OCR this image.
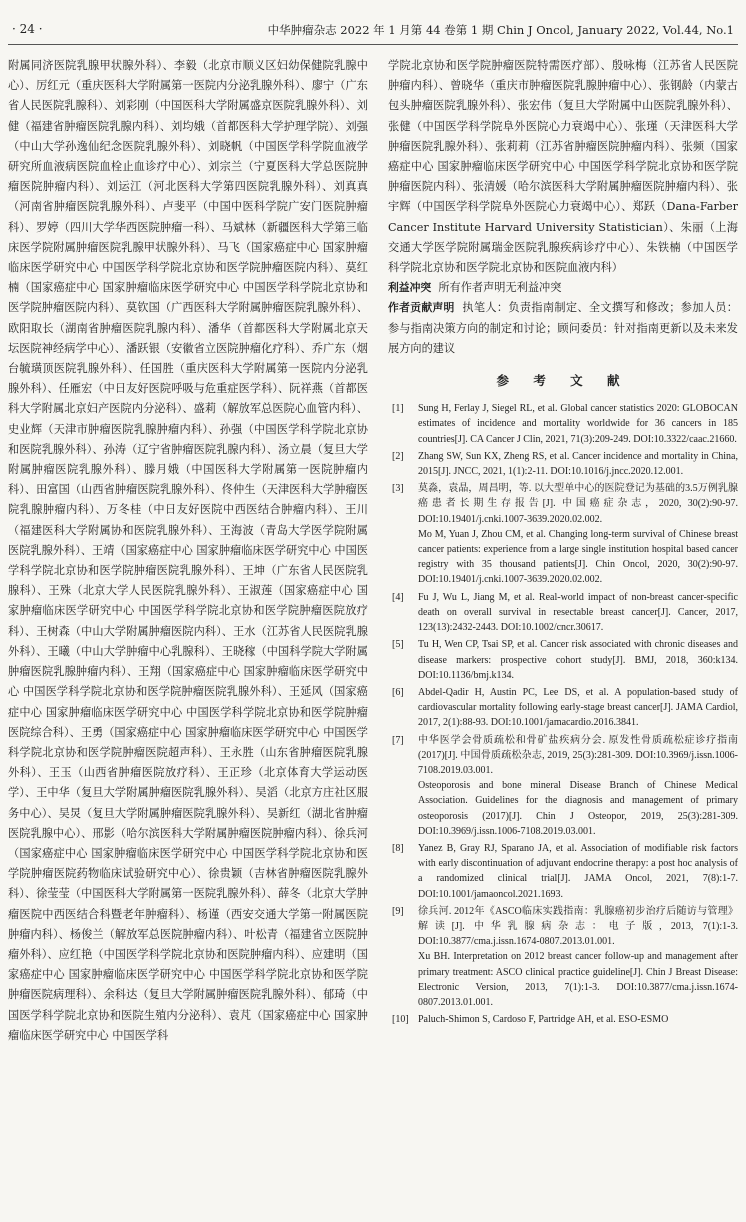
· 24 ·	中华肿瘤杂志 2022 年 1 月第 44 卷第 1 期 Chin J Oncol, January 2022, Vol.44, No.1

附属同济医院乳腺甲状腺外科）、李毅（北京市顺义区妇幼保健院乳腺中心）、厉红元（重庆医科大学附属第一医院内分泌乳腺外科）、廖宁（广东省人民医院乳腺科）、刘彩刚（中国医科大学附属盛京医院乳腺外科）、刘健（福建省肿瘤医院乳腺内科）、刘均娥（首都医科大学护理学院）、刘强（中山大学孙逸仙纪念医院乳腺外科）、刘晓帆（中国医学科学院血液学研究所血液病医院血栓止血诊疗中心）、刘宗兰（宁夏医科大学总医院肿瘤医院肿瘤内科）、刘运江（河北医科大学第四医院乳腺外科）、刘真真（河南省肿瘤医院乳腺外科）、卢斐平（中国中医科学院广安门医院肿瘤科）、罗婷（四川大学华西医院肿瘤一科）、马斌林（新疆医科大学第三临床医学院附属肿瘤医院乳腺甲状腺外科）、马飞（国家癌症中心 国家肿瘤临床医学研究中心 中国医学科学院北京协和医学院肿瘤医院内科）、莫红楠（国家癌症中心 国家肿瘤临床医学研究中心 中国医学科学院北京协和医学院肿瘤医院内科）、莫钦国（广西医科大学附属肿瘤医院乳腺外科）、欧阳取长（湖南省肿瘤医院乳腺内科）、潘华（首都医科大学附属北京天坛医院神经病学中心）、潘跃银（安徽省立医院肿瘤化疗科）、乔广东（烟台毓璜顶医院乳腺外科）、任国胜（重庆医科大学附属第一医院内分泌乳腺外科）、任雁宏（中日友好医院呼吸与危重症医学科）、阮祥燕（首都医科大学附属北京妇产医院内分泌科）、盛莉（解放军总医院心血管内科）、史业辉（天津市肿瘤医院乳腺肿瘤内科）、孙强（中国医学科学院北京协和医院乳腺外科）、孙涛（辽宁省肿瘤医院乳腺内科）、汤立晨（复旦大学附属肿瘤医院乳腺外科）、滕月娥（中国医科大学附属第一医院肿瘤内科）、田富国（山西省肿瘤医院乳腺外科）、佟仲生（天津医科大学肿瘤医院乳腺肿瘤内科）、万冬桂（中日友好医院中西医结合肿瘤内科）、王川（福建医科大学附属协和医院乳腺外科）、王海波（青岛大学医学院附属医院乳腺外科）、王靖（国家癌症中心 国家肿瘤临床医学研究中心 中国医学科学院北京协和医学院肿瘤医院乳腺外科）、王坤（广东省人民医院乳腺科）、王殊（北京大学人民医院乳腺外科）、王淑莲（国家癌症中心 国家肿瘤临床医学研究中心 中国医学科学院北京协和医学院肿瘤医院放疗科）、王树森（中山大学附属肿瘤医院内科）、王水（江苏省人民医院乳腺外科）、王曦（中山大学肿瘤中心乳腺科）、王晓稼（中国科学院大学附属肿瘤医院乳腺肿瘤内科）、王翔（国家癌症中心 国家肿瘤临床医学研究中心 中国医学科学院北京协和医学院肿瘤医院乳腺外科）、王延风（国家癌症中心 国家肿瘤临床医学研究中心 中国医学科学院北京协和医学院肿瘤医院综合科）、王勇（国家癌症中心 国家肿瘤临床医学研究中心 中国医学科学院北京协和医学院肿瘤医院超声科）、王永胜（山东省肿瘤医院乳腺外科）、王玉（山西省肿瘤医院放疗科）、王正珍（北京体育大学运动医学）、王中华（复旦大学附属肿瘤医院乳腺外科）、吴滔（北京方庄社区服务中心）、吴炅（复旦大学附属肿瘤医院乳腺外科）、吴新红（湖北省肿瘤医院乳腺中心）、邢影（哈尔滨医科大学附属肿瘤医院肿瘤内科）、徐兵河（国家癌症中心 国家肿瘤临床医学研究中心 中国医学科学院北京协和医学院肿瘤医院药物临床试验研究中心）、徐贵颖（吉林省肿瘤医院乳腺外科）、徐莹莹（中国医科大学附属第一医院乳腺外科）、薛冬（北京大学肿瘤医院中西医结合科暨老年肿瘤科）、杨谨（西安交通大学第一附属医院肿瘤内科）、杨俊兰（解放军总医院肿瘤内科）、叶松青（福建省立医院肿瘤外科）、应红艳（中国医学科学院北京协和医院肿瘤内科）、应建明（国家癌症中心 国家肿瘤临床医学研究中心 中国医学科学院北京协和医学院肿瘤医院病理科）、余科达（复旦大学附属肿瘤医院乳腺外科）、郁琦（中国医学科学院北京协和医院生殖内分泌科）、袁芃（国家癌症中心 国家肿瘤临床医学研究中心 中国医学科

学院北京协和医学院肿瘤医院特需医疗部）、殷咏梅（江苏省人民医院肿瘤内科）、曾晓华（重庆市肿瘤医院乳腺肿瘤中心）、张钢龄（内蒙古包头肿瘤医院乳腺外科）、张宏伟（复旦大学附属中山医院乳腺外科）、张健（中国医学科学院阜外医院心力衰竭中心）、张瑾（天津医科大学肿瘤医院乳腺外科）、张莉莉（江苏省肿瘤医院肿瘤内科）、张频（国家癌症中心 国家肿瘤临床医学研究中心 中国医学科学院北京协和医学院肿瘤医院内科）、张清媛（哈尔滨医科大学附属肿瘤医院肿瘤内科）、张宇辉（中国医学科学院阜外医院心力衰竭中心）、郑跃（Dana-Farber Cancer Institute Harvard University Statistician）、朱丽（上海交通大学医学院附属瑞金医院乳腺疾病诊疗中心）、朱铁楠（中国医学科学院北京协和医学院北京协和医院血液内科）

利益冲突 所有作者声明无利益冲突

作者贡献声明 执笔人：负责指南制定、全文撰写和修改；参加人员：参与指南决策方向的制定和讨论；顾问委员：针对指南更新以及未来发展方向的建议

参 考 文 献
[1] Sung H, Ferlay J, Siegel RL, et al. Global cancer statistics 2020: GLOBOCAN estimates of incidence and mortality worldwide for 36 cancers in 185 countries[J]. CA Cancer J Clin, 2021, 71(3):209-249. DOI:10.3322/caac.21660.
[2] Zhang SW, Sun KX, Zheng RS, et al. Cancer incidence and mortality in China, 2015[J]. JNCC, 2021, 1(1):2-11. DOI:10.1016/j.jncc.2020.12.001.
[3] 莫淼，袁晶，周昌明，等. 以大型单中心的医院登记为基础的3.5万例乳腺癌患者长期生存报告[J]. 中国癌症杂志，2020, 30(2):90-97. DOI:10.19401/j.cnki.1007-3639.2020.02.002.
Mo M, Yuan J, Zhou CM, et al. Changing long-term survival of Chinese breast cancer patients: experience from a large single institution hospital based cancer registry with 35 thousand patients[J]. Chin Oncol, 2020, 30(2):90-97. DOI:10.19401/j.cnki.1007-3639.2020.02.002.
[4] Fu J, Wu L, Jiang M, et al. Real-world impact of non-breast cancer-specific death on overall survival in resectable breast cancer[J]. Cancer, 2017, 123(13):2432-2443. DOI:10.1002/cncr.30617.
[5] Tu H, Wen CP, Tsai SP, et al. Cancer risk associated with chronic diseases and disease markers: prospective cohort study[J]. BMJ, 2018, 360:k134. DOI:10.1136/bmj.k134.
[6] Abdel-Qadir H, Austin PC, Lee DS, et al. A population-based study of cardiovascular mortality following early-stage breast cancer[J]. JAMA Cardiol, 2017, 2(1):88-93. DOI:10.1001/jamacardio.2016.3841.
[7] 中华医学会骨质疏松和骨矿盐疾病分会. 原发性骨质疏松症诊疗指南(2017)[J]. 中国骨质疏松杂志, 2019, 25(3):281-309. DOI:10.3969/j.issn.1006-7108.2019.03.001.
Osteoporosis and bone mineral Disease Branch of Chinese Medical Association. Guidelines for the diagnosis and management of primary osteoporosis (2017)[J]. Chin J Osteopor, 2019, 25(3):281-309. DOI:10.3969/j.issn.1006-7108.2019.03.001.
[8] Yanez B, Gray RJ, Sparano JA, et al. Association of modifiable risk factors with early discontinuation of adjuvant endocrine therapy: a post hoc analysis of a randomized clinical trial[J]. JAMA Oncol, 2021, 7(8):1-7. DOI:10.1001/jamaoncol.2021.1693.
[9] 徐兵河. 2012年《ASCO临床实践指南：乳腺癌初步治疗后随访与管理》解读[J]. 中华乳腺病杂志：电子版, 2013, 7(1):1-3. DOI:10.3877/cma.j.issn.1674-0807.2013.01.001.
Xu BH. Interpretation on 2012 breast cancer follow-up and management after primary treatment: ASCO clinical practice guideline[J]. Chin J Breast Disease: Electronic Version, 2013, 7(1):1-3. DOI:10.3877/cma.j.issn.1674-0807.2013.01.001.
[10] Paluch-Shimon S, Cardoso F, Partridge AH, et al. ESO-ESMO
